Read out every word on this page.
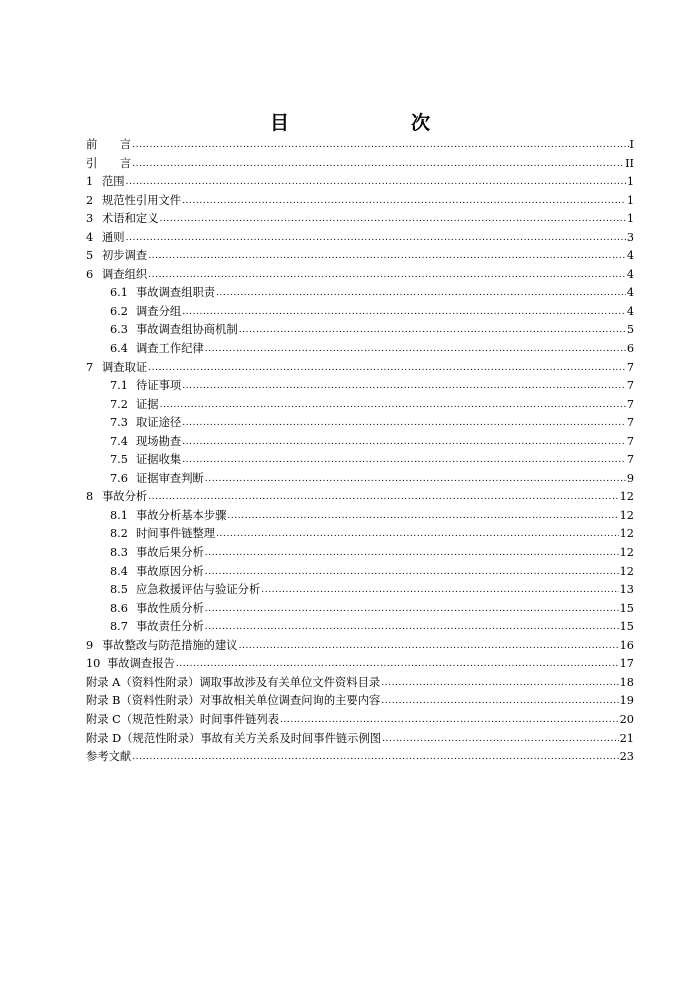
目　　次
前　　言 .....	I
引　　言 .....	II
1 范围 .....	1
2 规范性引用文件 .....	1
3 术语和定义 .....	1
4 通则 .....	3
5 初步调查 .....	4
6 调查组织 .....	4
6.1 事故调查组职责 .....	4
6.2 调查分组 .....	4
6.3 事故调查组协商机制 .....	5
6.4 调查工作纪律 .....	6
7 调查取证 .....	7
7.1 待证事项 .....	7
7.2 证据 .....	7
7.3 取证途径 .....	7
7.4 现场勘查 .....	7
7.5 证据收集 .....	7
7.6 证据审查判断 .....	9
8 事故分析 .....	12
8.1 事故分析基本步骤 .....	12
8.2 时间事件链整理 .....	12
8.3 事故后果分析 .....	12
8.4 事故原因分析 .....	12
8.5 应急救援评估与验证分析 .....	13
8.6 事故性质分析 .....	15
8.7 事故责任分析 .....	15
9 事故整改与防范措施的建议 .....	16
10 事故调查报告 .....	17
附录 A（资料性附录）调取事故涉及有关单位文件资料目录 .....	18
附录 B（资料性附录）对事故相关单位调查问询的主要内容 .....	19
附录 C（规范性附录）时间事件链列表 .....	20
附录 D（规范性附录）事故有关方关系及时间事件链示例图 .....	21
参考文献 .....	23
